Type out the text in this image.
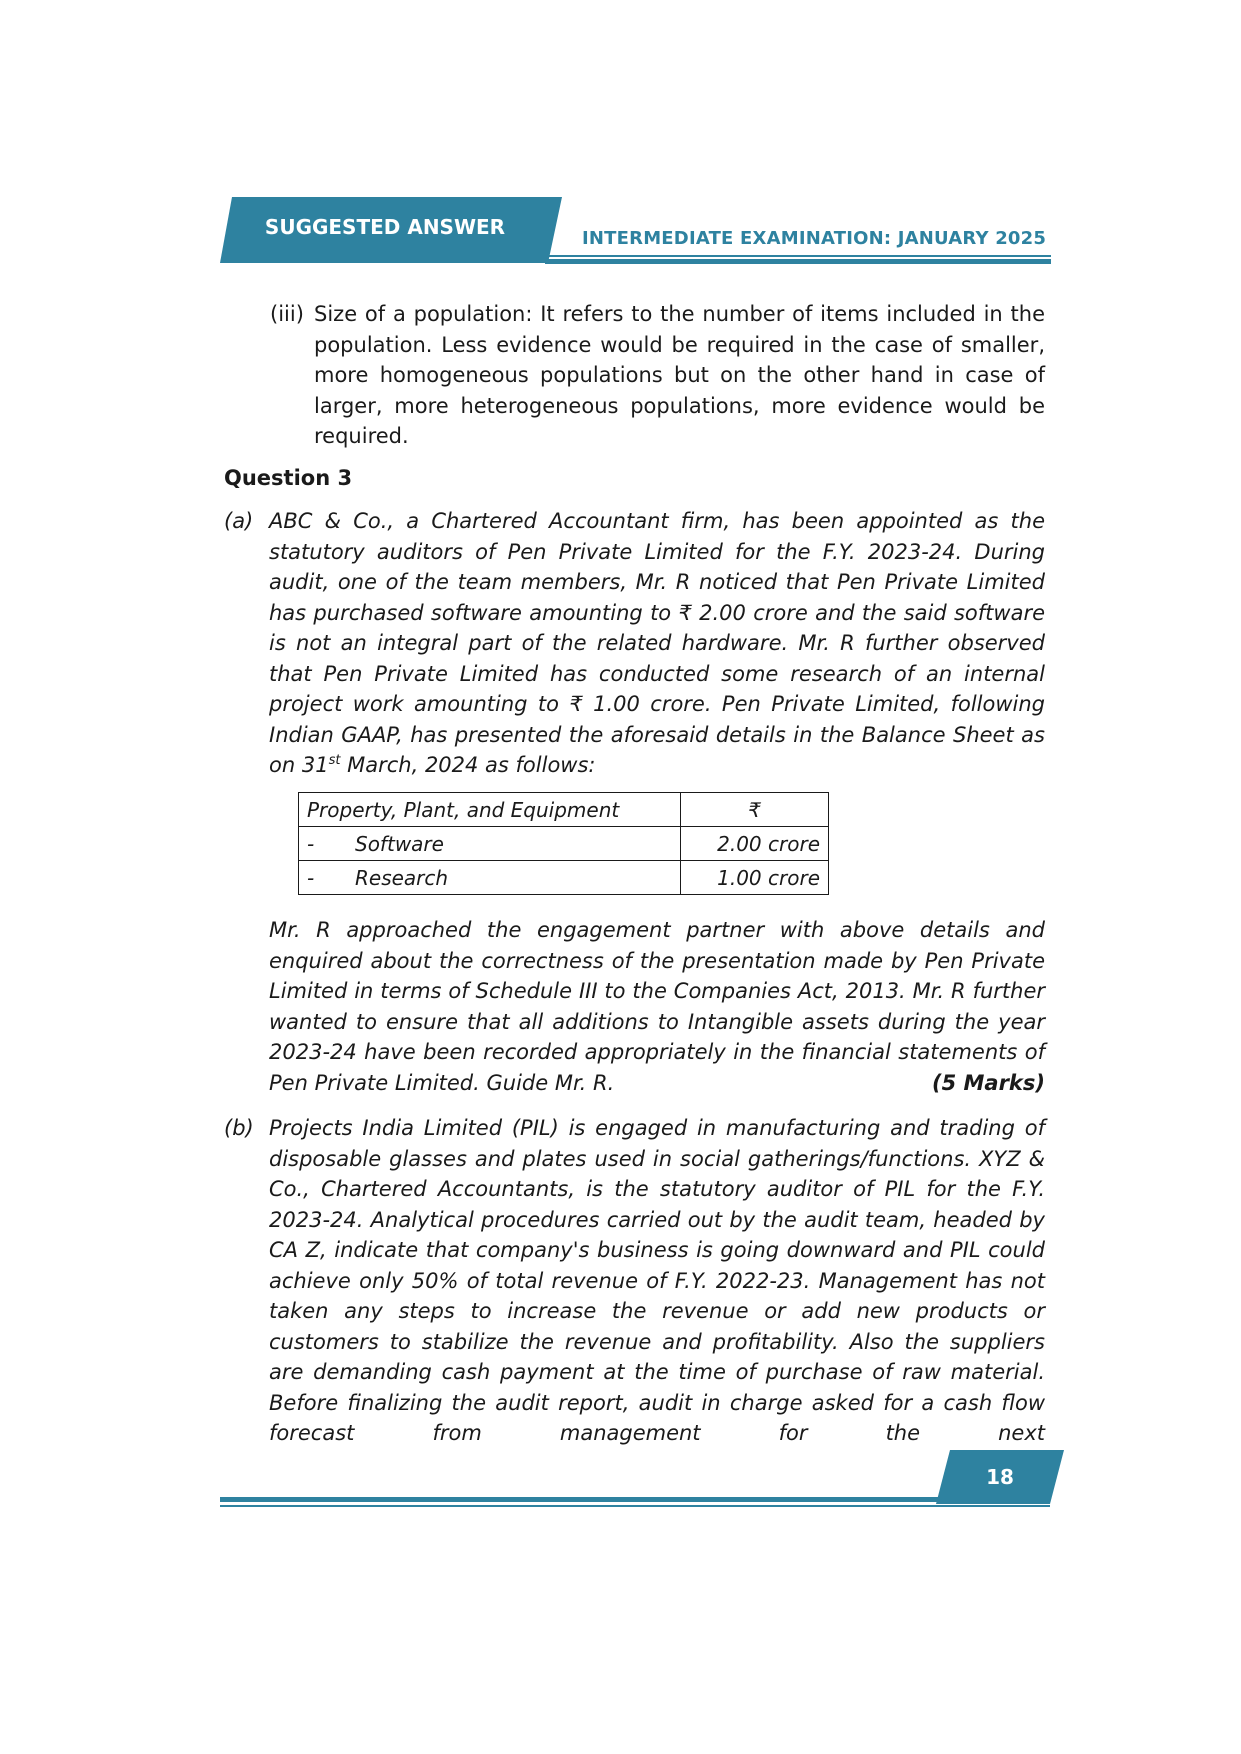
SUGGESTED ANSWER	INTERMEDIATE EXAMINATION: JANUARY 2025
(iii) Size of a population: It refers to the number of items included in the population. Less evidence would be required in the case of smaller, more homogeneous populations but on the other hand in case of larger, more heterogeneous populations, more evidence would be required.
Question 3
(a) ABC & Co., a Chartered Accountant firm, has been appointed as the statutory auditors of Pen Private Limited for the F.Y. 2023-24. During audit, one of the team members, Mr. R noticed that Pen Private Limited has purchased software amounting to ₹ 2.00 crore and the said software is not an integral part of the related hardware. Mr. R further observed that Pen Private Limited has conducted some research of an internal project work amounting to ₹ 1.00 crore. Pen Private Limited, following Indian GAAP, has presented the aforesaid details in the Balance Sheet as on 31st March, 2024 as follows:
Property, Plant, and Equipment	₹
- Software	2.00 crore
- Research	1.00 crore
Mr. R approached the engagement partner with above details and enquired about the correctness of the presentation made by Pen Private Limited in terms of Schedule III to the Companies Act, 2013. Mr. R further wanted to ensure that all additions to Intangible assets during the year 2023-24 have been recorded appropriately in the financial statements of Pen Private Limited. Guide Mr. R.	(5 Marks)
(b) Projects India Limited (PIL) is engaged in manufacturing and trading of disposable glasses and plates used in social gatherings/functions. XYZ & Co., Chartered Accountants, is the statutory auditor of PIL for the F.Y. 2023-24. Analytical procedures carried out by the audit team, headed by CA Z, indicate that company's business is going downward and PIL could achieve only 50% of total revenue of F.Y. 2022-23. Management has not taken any steps to increase the revenue or add new products or customers to stabilize the revenue and profitability. Also the suppliers are demanding cash payment at the time of purchase of raw material. Before finalizing the audit report, audit in charge asked for a cash flow forecast from management for the next
18
